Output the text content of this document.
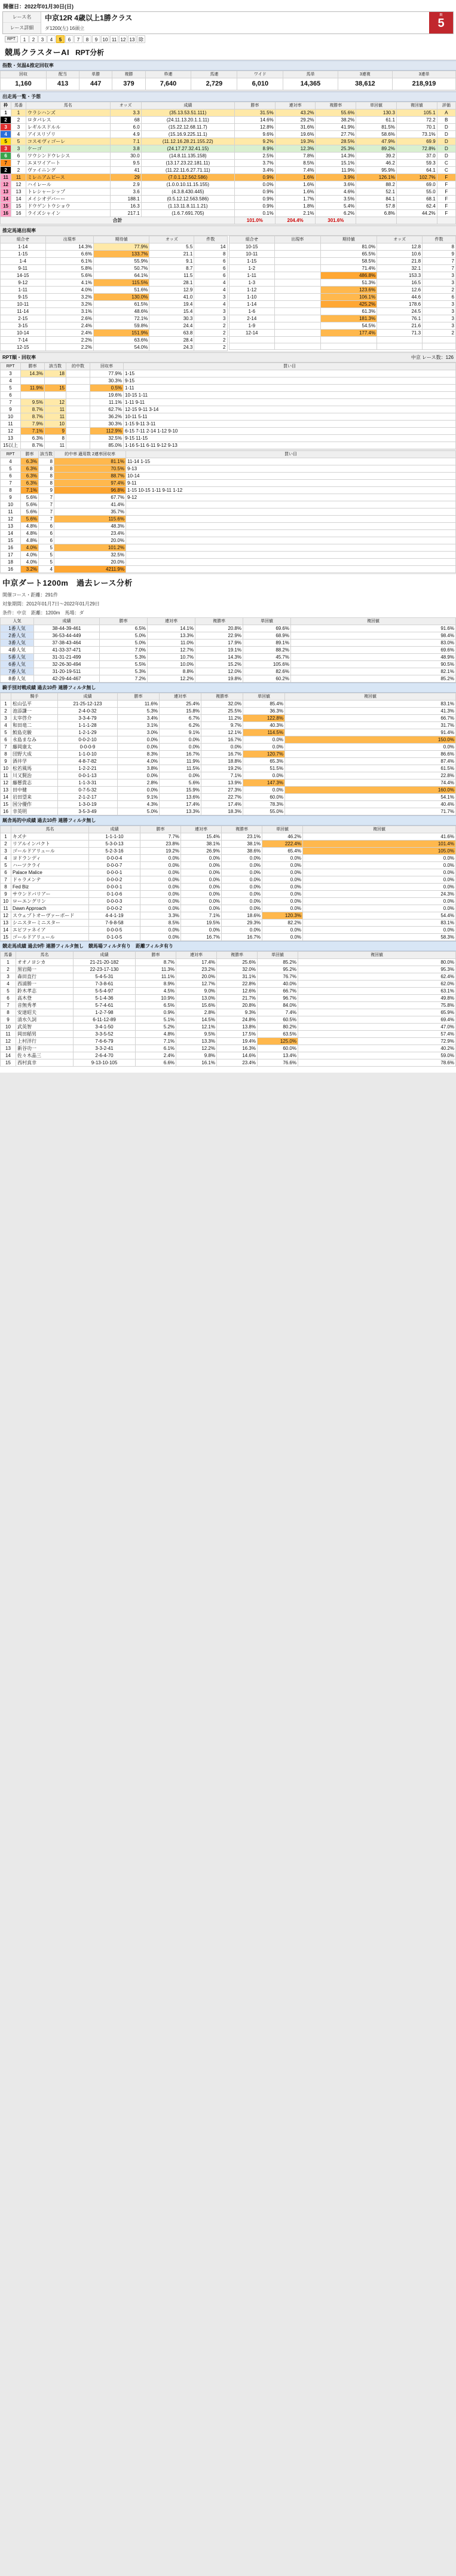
開催日：2022年01月30日(日)
レース名
レース詳細
中京12R 4歳以上1勝クラス
ダ1200(左) 16頭立
R
5
RPT	1	2	3	4	5	6	7	8	9	10 11 12 13 除
競馬クラスターAI RPT分析
指数・気温&推定回収率
回収	配当	単勝	複勝	枠連	馬連	ワイド	馬単	3連複	3連単
1,160	413	447	379	7,640	2,729	6,010	14,365	38,612	218,919
出走馬一覧・予想
枠	馬番	馬名	オッズ	成績	勝率	連対率	複勝率	単回値	複回値	評価
1	1	ウラシハンズ	3.3	(35.13.53.51.111)	31.5%	43.2%	55.6%	130.3	105.1	A
2	2	ロタパレス	68	(24.11.13.20.1.1.11)	14.6%	29.2%	38.2%	61.1	72.2	B
3	3	レギルスドルル	6.0	(15.22.12.68.11.7)	12.8%	31.6%	41.9%	81.5%	70.1	D
4	4	アイスリゾリ	4.9	(15.16.9.225.11.1)	9.6%	19.6%	27.7%	58.6%	73.1%	D
5	5	コスモヴィゴーレ	7.1	(11.12.16.28.21.155.22)	9.2%	19.3%	28.5%	47.9%	69.9	D
3	3	ケーゴ	3.8	(24.17.27.32.41.15)	8.9%	12.3%	25.3%	89.2%	72.8%	D
6	6	ワウシンドウレシス	30.0	(14.8.11.135.158)	2.5%	7.8%	14.3%	39.2	37.0	D
7	7	エヌワイアート	9.5	(13.17.23.22.181.11)	3.7%	8.5%	15.1%	46.2	59.3	C
2	2	ヴァイニング	41	(11.22.11.6.27.71.11)	3.4%	7.4%	11.9%	95.9%	64.1	C
11	11	ミレニアムピース	29	(7.0.1.12.562.586)	0.9%	1.6%	3.9%	126.1%	102.7%	F
12	12	ハイレール	2.9	(1.0.0.10.11.15.155)	0.0%	1.6%	3.6%	88.2	69.0	F
13	13	トレシャーシップ	3.6	(4.3.8.430.445)	0.9%	1.6%	4.6%	52.1	55.0	F
14	14	メイシオデバーー	188.1	(0.5.12.12.563.586)	0.9%	1.7%	3.5%	84.1	68.1	F
15	15	ドウゲントウショウ	16.3	(1.13.11.8.11.1.21)	0.9%	1.8%	5.4%	57.8	62.4	F
16	16	ライズシャイン	217.1	(1.6.7.691.705)	0.1%	2.1%	6.2%	6.8%	44.2%	F
合計					101.0%	204.4%	301.6%			
推定馬連出現率
組合せ	出現率	期待値	オッズ	件数
1-14	14.3%	77.9%	5.5	14
1-15	6.6%	133.7%	21.1	8
1-4	6.1%	55.9%	9.1	6
9-11	5.8%	50.7%	8.7	6
14-15	5.6%	64.1%	11.5	6
9-12	4.1%	115.5%	28.1	4
1-11	4.0%	51.6%	12.9	4
9-15	3.2%	130.0%	41.0	3
10-11	3.2%	61.5%	19.4	4
11-14	3.1%	48.6%	15.4	3
2-15	2.6%	72.1%	30.3	3
3-15	2.4%	59.8%	24.4	2
10-14	2.4%	151.9%	63.8	2
7-14	2.2%	63.6%	28.4	2
12-15	2.2%	54.0%	24.3	2
組合せ	出現率	期待値	オッズ	件数
10-15		81.0%	12.8	8
10-11		65.5%	10.6	9
1-15		58.5%	21.8	7
1-2		71.4%	32.1	7
1-11		486.8%	153.3	3
1-3		51.3%	16.5	3
1-12		123.6%	12.6	2
1-10		106.1%	44.6	6
1-14		425.2%	178.6	3
1-6		61.3%	24.5	3
2-14		181.3%	76.1	3
1-9		54.5%	21.6	3
12-14		177.4%	71.3	2

RPT順・回収率	中京 レース数：126
RPT	勝率	該当数	的中数	回収率	買い目
3	14.3%	18		77.9%	1-15
4				30.3%	9-15
5	11.9%	15		0.5%	1-11
6				19.6%	10-15 1-11
7	9.5%	12		11.1%	1-11 9-11
9	8.7%	11		62.7%	12-15 9-11 3-14
10	8.7%	11		36.2%	10-11 5-11
11	7.9%	10		30.3%	1-15 9-11 3-11
12	7.1%	9		112.9%	6-15 7-11 2-14 1-12 9-10
13	6.3%	8		32.5%	9-15 11-15
15以上	8.7%	11		85.0%	1-16 5-11 6-11 9-12 9-13
RPT	勝率	該当数	的中率 適用数 2連率回収率	買い目
4	6.3%	8	81.1%	11-14 1-15
5	6.3%	8	70.5%	9-13
6	6.3%	8	88.7%	10-14
7	6.3%	8	97.4%	9-11
8	7.1%	9	96.8%	1-15 10-15 1-11 9-11 1-12
9	5.6%	7	67.7%	9-12
10	5.6%	7	41.4%	
11	5.6%	7	35.7%	
12	5.6%	7	115.6%	
13	4.8%	6	48.3%	
14	4.8%	6	23.4%	
15	4.8%	6	20.0%	
16	4.0%	5	101.2%	
17	4.0%	5	32.5%	
18	4.0%	5	20.0%	
16	3.2%	4	4211.9%	
中京ダート1200m　過去レース分析
開催コース・距離：291件
対象期間：2012年01月7日〜2022年01月29日
条件：中京　距離：1200m　馬場：ダ
人気	成績	勝率	連対率	複勝率	単回値	複回値
1番人気	38-44-39-461	6.5%	14.1%	20.8%	69.6%	91.6%
2番人気	36-53-44-449	5.0%	13.3%	22.9%	68.9%	98.4%
3番人気	37-38-43-464	5.0%	11.0%	17.9%	89.1%	83.0%
4番人気	41-33-37-471	7.0%	12.7%	19.1%	88.2%	69.6%
5番人気	31-31-21-499	5.3%	10.7%	14.3%	45.7%	48.9%
6番人気	32-26-30-494	5.5%	10.0%	15.2%	105.6%	90.5%
7番人気	31-20-19-511	5.3%	8.8%	12.0%	82.6%	82.1%
8番人気	42-29-44-467	7.2%	12.2%	19.8%	60.2%	85.2%
騎手別対戦成績 過去10件 連勝フィルタ無し
	騎手	成績	勝率	連対率	複勝率	単回値	複回値
1	松山弘平	21-25-12-123	11.6%	25.4%	32.0%	85.4%	83.1%
2	池添謙一	2-4-0-32	5.3%	15.8%	25.5%	36.3%	41.3%
3	太宰啓介	3-3-4-79	3.4%	6.7%	11.2%	122.8%	66.7%
4	和田竜二	1-1-1-28	3.1%	6.2%	9.7%	40.3%	31.7%
5	鮫島克駿	1-2-1-29	3.0%	9.1%	12.1%	114.5%	91.4%
6	永島まなみ	0-0-2-10	0.0%	0.0%	16.7%	0.0%	150.0%
7	藤岡康太	0-0-0-9	0.0%	0.0%	0.0%	0.0%	0.0%
8	団野大成	1-1-0-10	8.3%	16.7%	16.7%	120.7%	86.6%
9	酒井学	4-8-7-82	4.0%	11.9%	18.8%	65.3%	87.4%
10	松若風馬	1-2-2-21	3.8%	11.5%	19.2%	51.5%	61.5%
11	川又賢治	0-0-1-13	0.0%	0.0%	7.1%	0.0%	22.8%
12	藤懸貴志	1-1-3-31	2.8%	5.6%	13.9%	147.3%	74.4%
13	田中健	0-7-5-32	0.0%	15.9%	27.3%	0.0%	160.0%
14	岩田望来	2-1-2-17	9.1%	13.6%	22.7%	60.0%	54.1%
15	国分優作	1-3-0-19	4.3%	17.4%	17.4%	78.3%	40.4%
16	幸英明	3-5-3-49	5.0%	13.3%	18.3%	55.0%	71.7%
厩舎馬的中成績 過去10件 連勝フィルタ無し
	馬名	成績	勝率	連対率	複勝率	単回値	複回値
1	キズナ	1-1-1-10	7.7%	15.4%	23.1%	46.2%	41.6%
2	リアルインパクト	5-3-0-13	23.8%	38.1%	38.1%	222.4%	101.4%
3	ゴールドアリュール	5-2-3-16	19.2%	26.9%	38.6%	65.4%	105.0%
4	ヨドランディ	0-0-0-4	0.0%	0.0%	0.0%	0.0%	0.0%
5	ハーツクライ	0-0-0-7	0.0%	0.0%	0.0%	0.0%	0.0%
6	Palace Malice	0-0-0-1	0.0%	0.0%	0.0%	0.0%	0.0%
7	ドゥラメンテ	0-0-0-2	0.0%	0.0%	0.0%	0.0%	0.0%
8	Fed Biz	0-0-0-1	0.0%	0.0%	0.0%	0.0%	0.0%
9	サウンドバリアー	0-1-0-6	0.0%	0.0%	0.0%	0.0%	24.3%
10	ローエングリン	0-0-0-3	0.0%	0.0%	0.0%	0.0%	0.0%
11	Dawn Approach	0-0-0-2	0.0%	0.0%	0.0%	0.0%	0.0%
12	スウェプトオーヴァーボード	4-4-1-19	3.3%	7.1%	18.6%	120.3%	54.4%
13	シニスターミニスター	7-9-8-58	8.5%	19.5%	29.3%	82.2%	83.1%
14	エピファネイア	0-0-0-5	0.0%	0.0%	0.0%	0.0%	0.0%
15	ゴールドアリュール	0-1-0-5	0.0%	16.7%	16.7%	0.0%	58.3%
競走馬成績 過去9件 連勝フィルタ無し　競馬場フィルタ有り　距離フィルタ有り
馬番	馬名	成績	勝率	連対率	複勝率	単回値	複回値
1	オオノヨシカ	21-21-20-182	8.7%	17.4%	25.6%	85.2%	80.0%
2	黒岩陽一	22-23-17-130	11.3%	23.2%	32.0%	95.2%	95.3%
3	森田直行	5-4-5-31	11.1%	20.0%	31.1%	76.7%	62.4%
4	西浦勝一	7-3-8-61	8.9%	12.7%	22.8%	40.0%	62.0%
5	鈴木孝志	5-5-4-97	4.5%	9.0%	12.6%	66.7%	63.1%
6	高木登	5-1-4-36	10.9%	13.0%	21.7%	96.7%	49.8%
7	音無秀孝	5-7-4-61	6.5%	15.6%	20.8%	84.0%	75.8%
8	安達昭夫	1-2-7-98	0.9%	2.8%	9.3%	7.4%	65.9%
9	清水久詞	6-11-12-89	5.1%	14.5%	24.8%	60.5%	69.4%
10	武英智	3-4-1-50	5.2%	12.1%	13.8%	80.2%	47.0%
11	岡田稲男	3-3-5-52	4.8%	9.5%	17.5%	63.5%	57.4%
12	上村洋行	7-6-6-79	7.1%	13.3%	19.4%	125.0%	72.9%
13	新谷功一	3-3-2-41	6.1%	12.2%	16.3%	60.0%	40.2%
14	佐々木晶三	2-6-4-70	2.4%	9.8%	14.6%	13.4%	59.0%
15	西村真幸	9-13-10-105	6.6%	16.1%	23.4%	76.6%	78.6%
